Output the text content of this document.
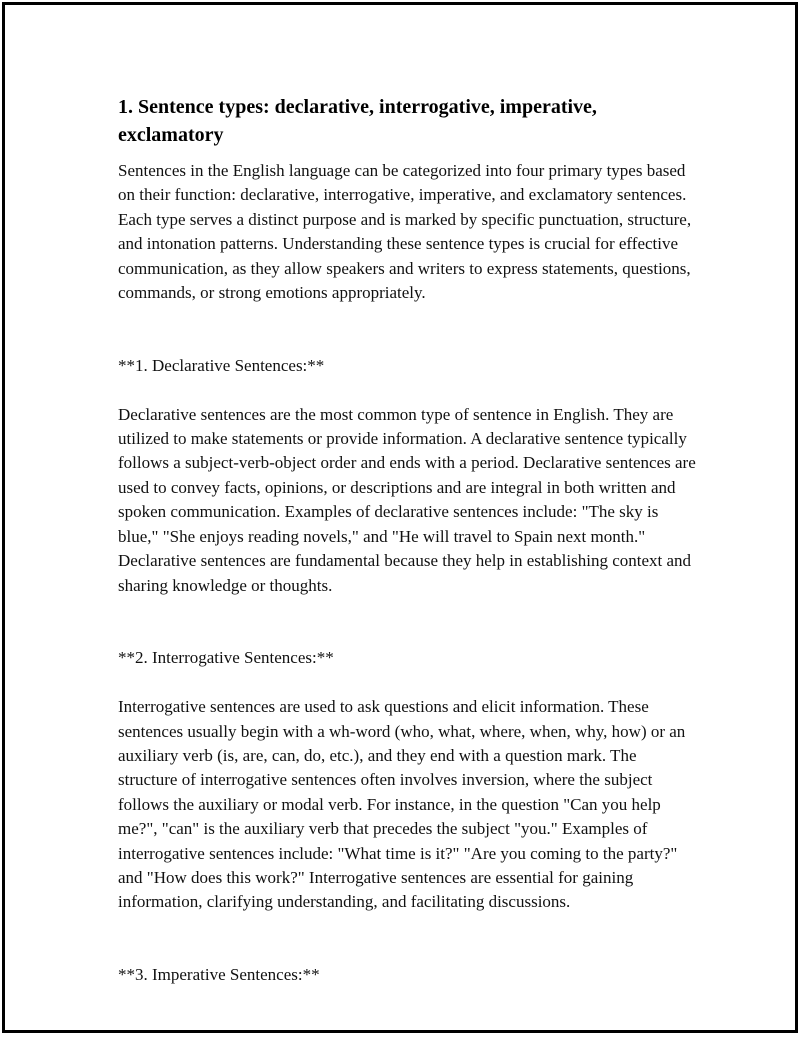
1. Sentence types: declarative, interrogative, imperative, exclamatory

Sentences in the English language can be categorized into four primary types based on their function: declarative, interrogative, imperative, and exclamatory sentences. Each type serves a distinct purpose and is marked by specific punctuation, structure, and intonation patterns. Understanding these sentence types is crucial for effective communication, as they allow speakers and writers to express statements, questions, commands, or strong emotions appropriately.

**1. Declarative Sentences:**

Declarative sentences are the most common type of sentence in English. They are utilized to make statements or provide information. A declarative sentence typically follows a subject-verb-object order and ends with a period. Declarative sentences are used to convey facts, opinions, or descriptions and are integral in both written and spoken communication. Examples of declarative sentences include: "The sky is blue," "She enjoys reading novels," and "He will travel to Spain next month." Declarative sentences are fundamental because they help in establishing context and sharing knowledge or thoughts.

**2. Interrogative Sentences:**

Interrogative sentences are used to ask questions and elicit information. These sentences usually begin with a wh-word (who, what, where, when, why, how) or an auxiliary verb (is, are, can, do, etc.), and they end with a question mark. The structure of interrogative sentences often involves inversion, where the subject follows the auxiliary or modal verb. For instance, in the question "Can you help me?", "can" is the auxiliary verb that precedes the subject "you." Examples of interrogative sentences include: "What time is it?" "Are you coming to the party?" and "How does this work?" Interrogative sentences are essential for gaining information, clarifying understanding, and facilitating discussions.

**3. Imperative Sentences:**
